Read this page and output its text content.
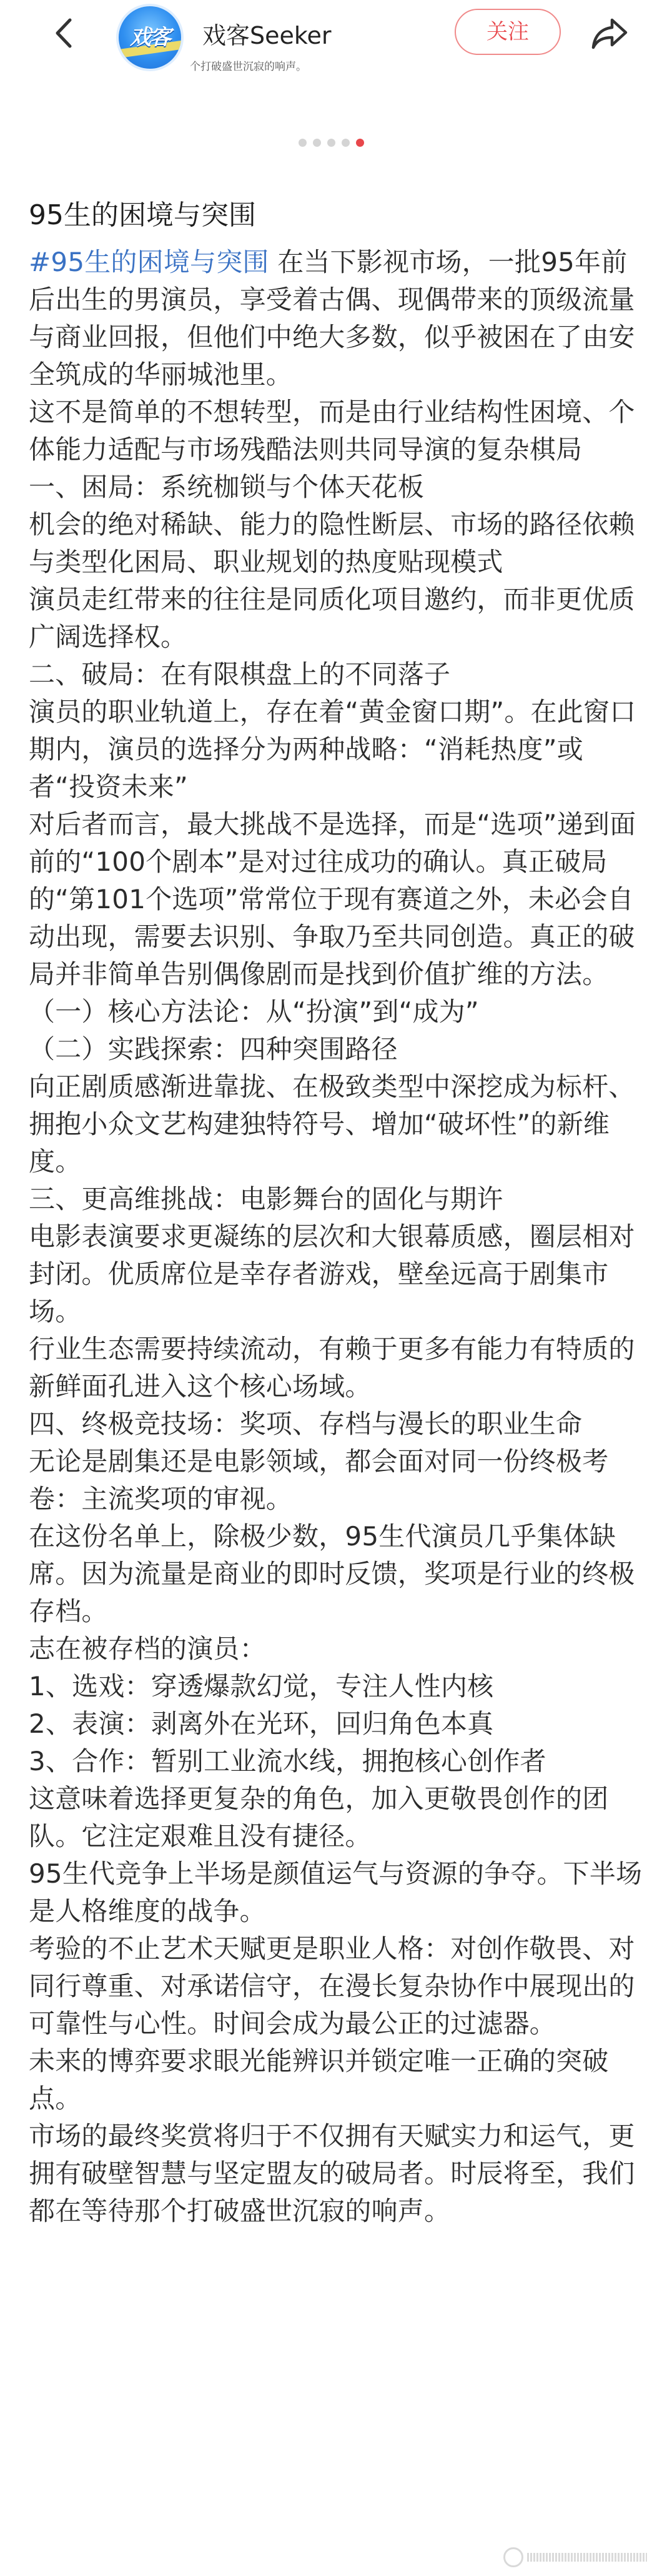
戏客	戏客Seeker
个打破盛世沉寂的响声。
关注
95生的困境与突围

#95生的困境与突围 在当下影视市场，一批95年前后出生的男演员，享受着古偶、现偶带来的顶级流量与商业回报，但他们中绝大多数，似乎被困在了由安全筑成的华丽城池里。

这不是简单的不想转型，而是由行业结构性困境、个体能力适配与市场残酷法则共同导演的复杂棋局

一、困局：系统枷锁与个体天花板

机会的绝对稀缺、能力的隐性断层、市场的路径依赖与类型化困局、职业规划的热度贴现模式

演员走红带来的往往是同质化项目邀约，而非更优质广阔选择权。

二、破局：在有限棋盘上的不同落子

演员的职业轨道上，存在着“黄金窗口期”。在此窗口期内，演员的选择分为两种战略：“消耗热度”或者“投资未来”

对后者而言，最大挑战不是选择，而是“选项”递到面前的“100个剧本”是对过往成功的确认。真正破局的“第101个选项”常常位于现有赛道之外，未必会自动出现，需要去识别、争取乃至共同创造。真正的破局并非简单告别偶像剧而是找到价值扩维的方法。

（一）核心方法论：从“扮演”到“成为”

（二）实践探索：四种突围路径

向正剧质感渐进靠拢、在极致类型中深挖成为标杆、拥抱小众文艺构建独特符号、增加“破坏性”的新维度。

三、更高维挑战：电影舞台的固化与期许

电影表演要求更凝练的层次和大银幕质感，圈层相对封闭。优质席位是幸存者游戏，壁垒远高于剧集市场。

行业生态需要持续流动，有赖于更多有能力有特质的新鲜面孔进入这个核心场域。

四、终极竞技场：奖项、存档与漫长的职业生命

无论是剧集还是电影领域，都会面对同一份终极考卷：主流奖项的审视。

在这份名单上，除极少数，95生代演员几乎集体缺席。因为流量是商业的即时反馈，奖项是行业的终极存档。

志在被存档的演员：

1、选戏：穿透爆款幻觉，专注人性内核

2、表演：剥离外在光环，回归角色本真

3、合作：暂别工业流水线，拥抱核心创作者

这意味着选择更复杂的角色，加入更敬畏创作的团队。它注定艰难且没有捷径。

95生代竞争上半场是颜值运气与资源的争夺。下半场是人格维度的战争。

考验的不止艺术天赋更是职业人格：对创作敬畏、对同行尊重、对承诺信守，在漫长复杂协作中展现出的可靠性与心性。时间会成为最公正的过滤器。

未来的博弈要求眼光能辨识并锁定唯一正确的突破点。

市场的最终奖赏将归于不仅拥有天赋实力和运气，更拥有破壁智慧与坚定盟友的破局者。时辰将至，我们都在等待那个打破盛世沉寂的响声。
